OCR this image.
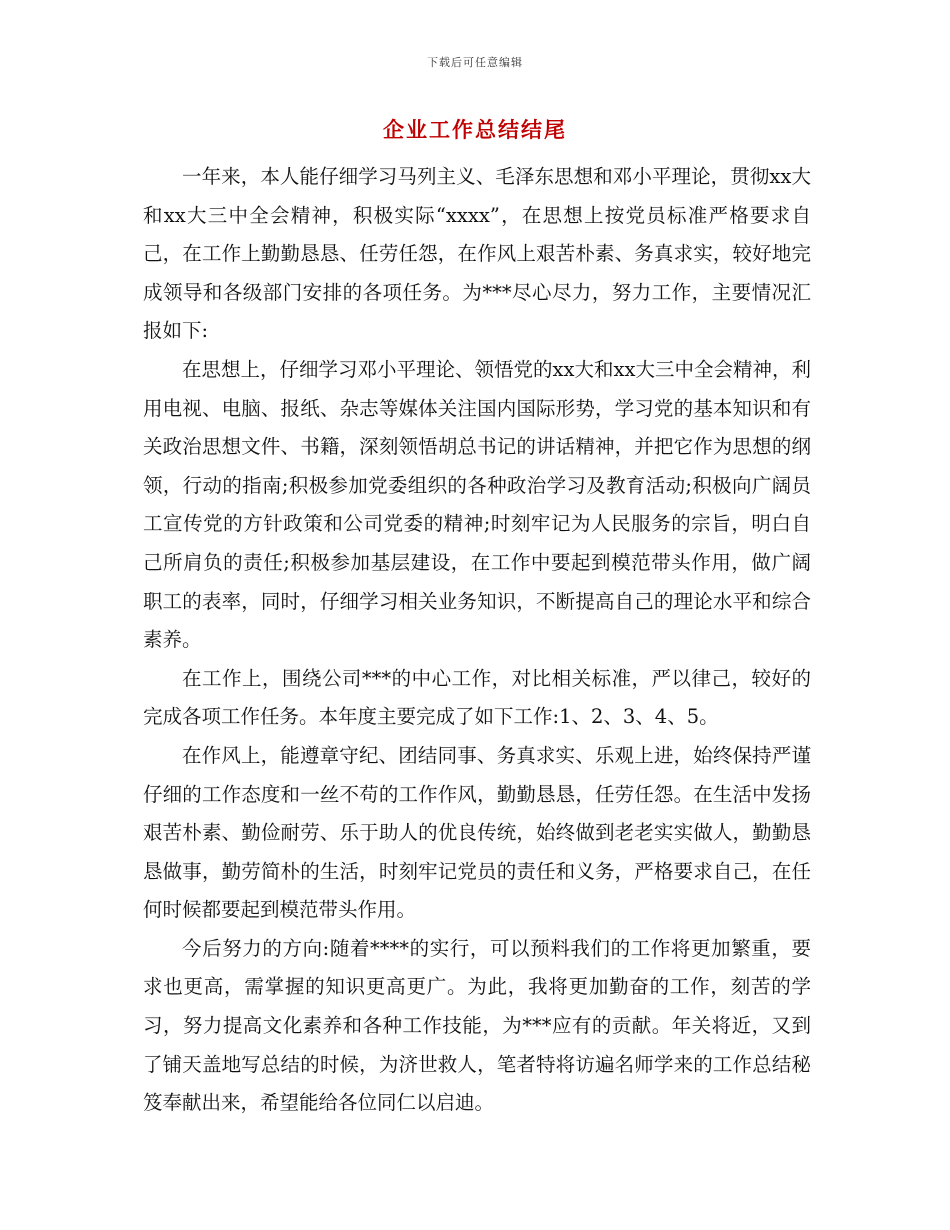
下载后可任意编辑
企业工作总结结尾

一年来，本人能仔细学习马列主义、毛泽东思想和邓小平理论，贯彻xx大和xx大三中全会精神，积极实际“xxxx”，在思想上按党员标准严格要求自己，在工作上勤勤恳恳、任劳任怨，在作风上艰苦朴素、务真求实，较好地完成领导和各级部门安排的各项任务。为***尽心尽力，努力工作，主要情况汇报如下:

在思想上，仔细学习邓小平理论、领悟党的xx大和xx大三中全会精神，利用电视、电脑、报纸、杂志等媒体关注国内国际形势，学习党的基本知识和有关政治思想文件、书籍，深刻领悟胡总书记的讲话精神，并把它作为思想的纲领，行动的指南;积极参加党委组织的各种政治学习及教育活动;积极向广阔员工宣传党的方针政策和公司党委的精神;时刻牢记为人民服务的宗旨，明白自己所肩负的责任;积极参加基层建设，在工作中要起到模范带头作用，做广阔职工的表率，同时，仔细学习相关业务知识，不断提高自己的理论水平和综合素养。

在工作上，围绕公司***的中心工作，对比相关标准，严以律己，较好的完成各项工作任务。本年度主要完成了如下工作:1、2、3、4、5。

在作风上，能遵章守纪、团结同事、务真求实、乐观上进，始终保持严谨仔细的工作态度和一丝不苟的工作作风，勤勤恳恳，任劳任怨。在生活中发扬艰苦朴素、勤俭耐劳、乐于助人的优良传统，始终做到老老实实做人，勤勤恳恳做事，勤劳简朴的生活，时刻牢记党员的责任和义务，严格要求自己，在任何时候都要起到模范带头作用。

今后努力的方向:随着****的实行，可以预料我们的工作将更加繁重，要求也更高，需掌握的知识更高更广。为此，我将更加勤奋的工作，刻苦的学习，努力提高文化素养和各种工作技能，为***应有的贡献。年关将近，又到了铺天盖地写总结的时候，为济世救人，笔者特将访遍名师学来的工作总结秘笈奉献出来，希望能给各位同仁以启迪。
